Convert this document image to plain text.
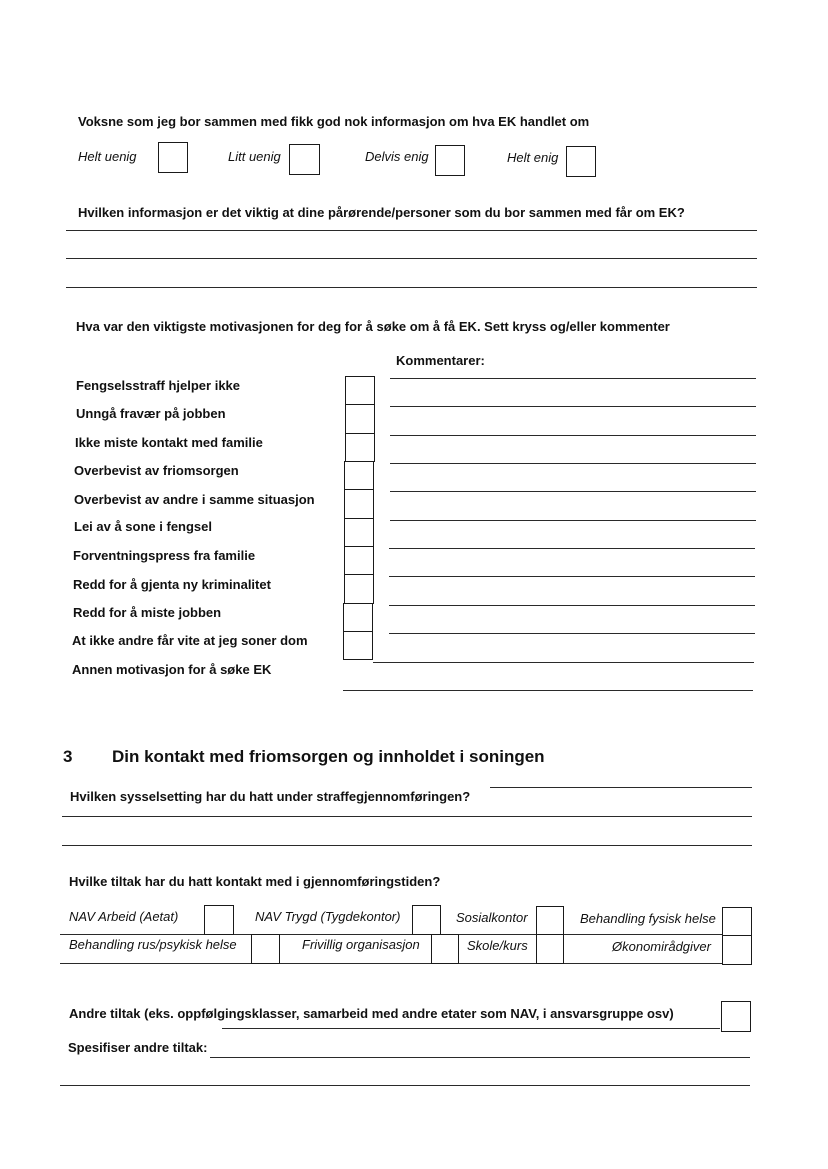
Voksne som jeg bor sammen med fikk god nok informasjon om hva EK handlet om
Helt uenig	Litt uenig	Delvis enig	Helt enig
Hvilken informasjon er det viktig at dine pårørende/personer som du bor sammen med får om EK?
Hva var den viktigste motivasjonen for deg for å søke om å få EK. Sett kryss og/eller kommenter
Kommentarer:
Fengselsstraff hjelper ikke
Unngå fravær på jobben
Ikke miste kontakt med familie
Overbevist av friomsorgen
Overbevist av andre i samme situasjon
Lei av å sone i fengsel
Forventningspress fra familie
Redd for å gjenta ny kriminalitet
Redd for å miste jobben
At ikke andre får vite at jeg soner dom
Annen motivasjon for å søke EK
3 Din kontakt med friomsorgen og innholdet i soningen
Hvilken sysselsetting har du hatt under straffegjennomføringen?
Hvilke tiltak har du hatt kontakt med i gjennomføringstiden?
NAV Arbeid (Aetat)	NAV Trygd (Tygdekontor)	Sosialkontor	Behandling fysisk helse
Behandling rus/psykisk helse	Frivillig organisasjon	Skole/kurs	Økonomirådgiver
Andre tiltak (eks. oppfølgingsklasser, samarbeid med andre etater som NAV, i ansvarsgruppe osv)
Spesifiser andre tiltak:
